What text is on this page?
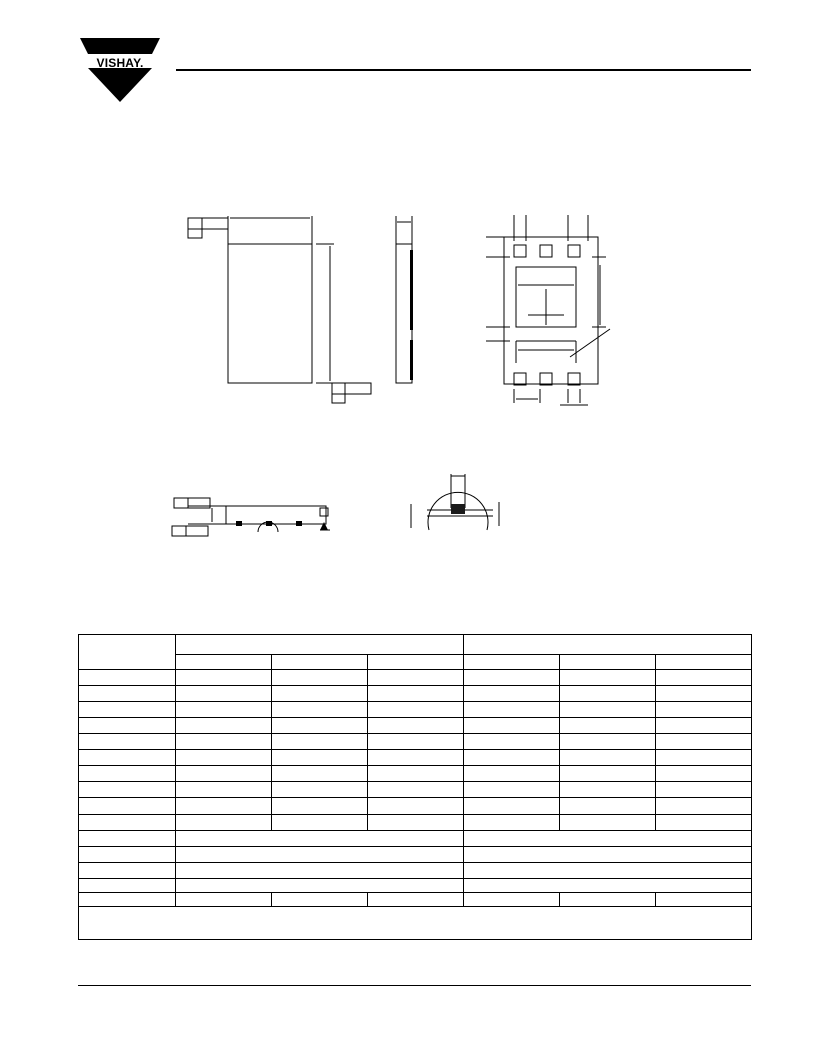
VISHAY.
